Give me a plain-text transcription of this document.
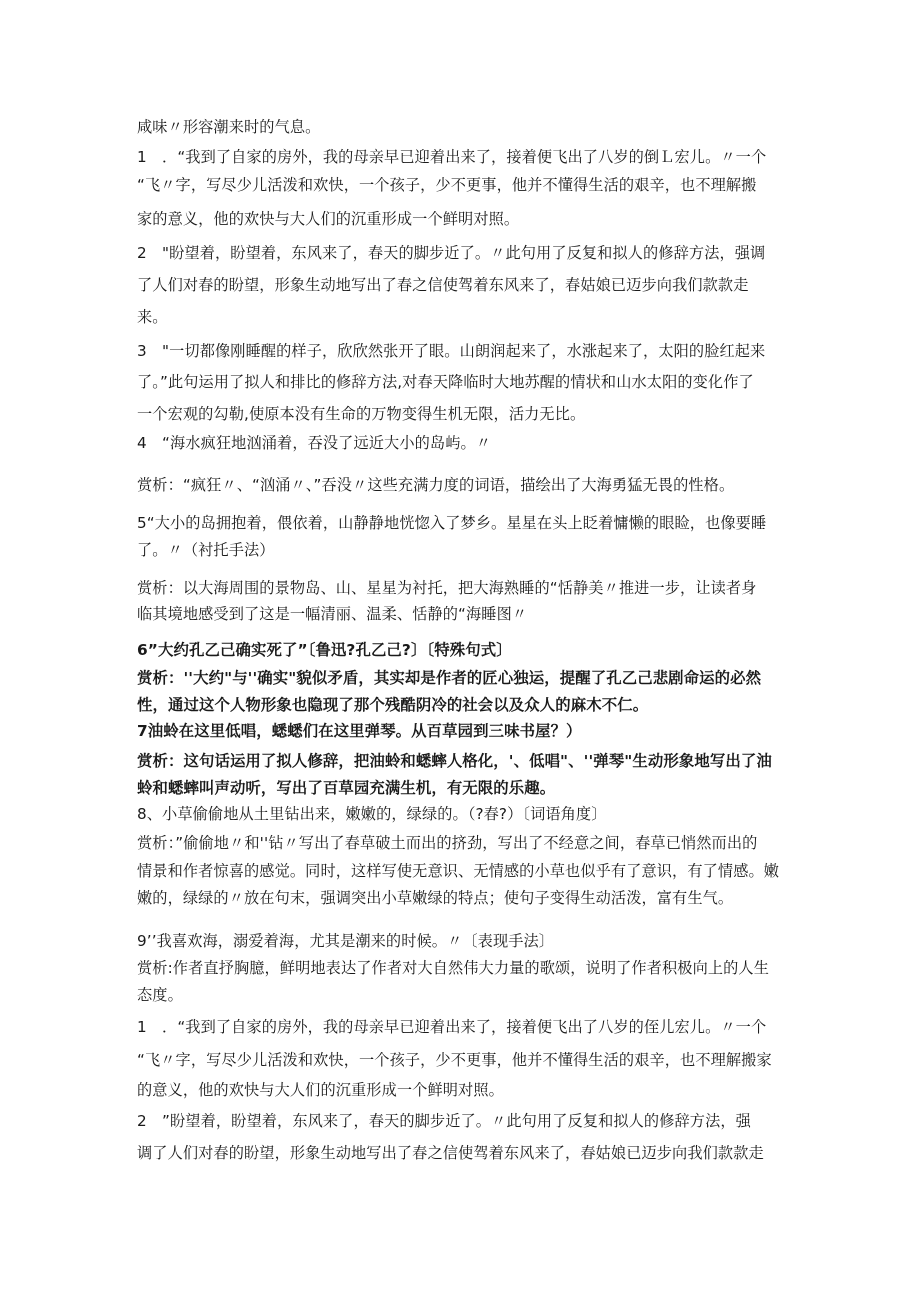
咸味〃形容潮来时的气息。
1　．“我到了自家的房外，我的母亲早已迎着出来了，接着便飞出了八岁的倒Ｌ宏儿。〃一个
“飞〃字，写尽少儿活泼和欢快，一个孩子，少不更事，他并不懂得生活的艰辛，也不理解搬
家的意义，他的欢快与大人们的沉重形成一个鲜明对照。
2　"盼望着，盼望着，东风来了，春天的脚步近了。〃此句用了反复和拟人的修辞方法，强调
了人们对春的盼望，形象生动地写出了春之信使驾着东风来了，春姑娘已迈步向我们款款走
来。
3　"一切都像刚睡醒的样子，欣欣然张开了眼。山朗润起来了，水涨起来了，太阳的脸红起来
了。”此句运用了拟人和排比的修辞方法,对春天降临时大地苏醒的情状和山水太阳的变化作了
一个宏观的勾勒,使原本没有生命的万物变得生机无限，活力无比。
4　“海水疯狂地汹涌着，吞没了远近大小的岛屿。〃
赏析：“疯狂〃、“汹涌〃、”吞没〃这些充满力度的词语，描绘出了大海勇猛无畏的性格。
5“大小的岛拥抱着，偎依着，山静静地恍惚入了梦乡。星星在头上眨着慵懒的眼睑，也像要睡
了。〃（衬托手法）
赏析：以大海周围的景物岛、山、星星为衬托，把大海熟睡的“恬静美〃推进一步，让读者身
临其境地感受到了这是一幅清丽、温柔、恬静的“海睡图〃
6”大约孔乙己确实死了”〔鲁迅?孔乙己?〕〔特殊句式〕
赏析：''大约"与''确实"貌似矛盾，其实却是作者的匠心独运，提醒了孔乙己悲剧命运的必然
性，通过这个人物形象也隐现了那个残酷阴冷的社会以及众人的麻木不仁。
7油蛉在这里低唱，蟋蟋们在这里弹琴。从百草园到三味书屋？）
赏析：这句话运用了拟人修辞，把油蛉和蟋蟀人格化，'、低唱"、''弹琴"生动形象地写出了油
蛉和蟋蟀叫声动听，写出了百草园充满生机，有无限的乐趣。
8、小草偷偷地从土里钻出来，嫩嫩的，绿绿的。（?春?）〔词语角度〕
赏析：”偷偷地〃和''钻〃写出了春草破土而出的挤劲，写出了不经意之间，春草已悄然而出的
情景和作者惊喜的感觉。同时，这样写使无意识、无情感的小草也似乎有了意识，有了情感。嫩
嫩的，绿绿的〃放在句末，强调突出小草嫩绿的特点；使句子变得生动活泼，富有生气。
9’’我喜欢海，溺爱着海，尤其是潮来的时候。〃〔表现手法〕
赏析:作者直抒胸臆，鲜明地表达了作者对大自然伟大力量的歌颂，说明了作者积极向上的人生
态度。
1　．“我到了自家的房外，我的母亲早已迎着出来了，接着便飞出了八岁的侄儿宏儿。〃一个
“飞〃字，写尽少儿活泼和欢快，一个孩子，少不更事，他并不懂得生活的艰辛，也不理解搬家
的意义，他的欢快与大人们的沉重形成一个鲜明对照。
2　”盼望着，盼望着，东风来了，春天的脚步近了。〃此句用了反复和拟人的修辞方法，强
调了人们对春的盼望，形象生动地写出了春之信使驾着东风来了，春姑娘已迈步向我们款款走
